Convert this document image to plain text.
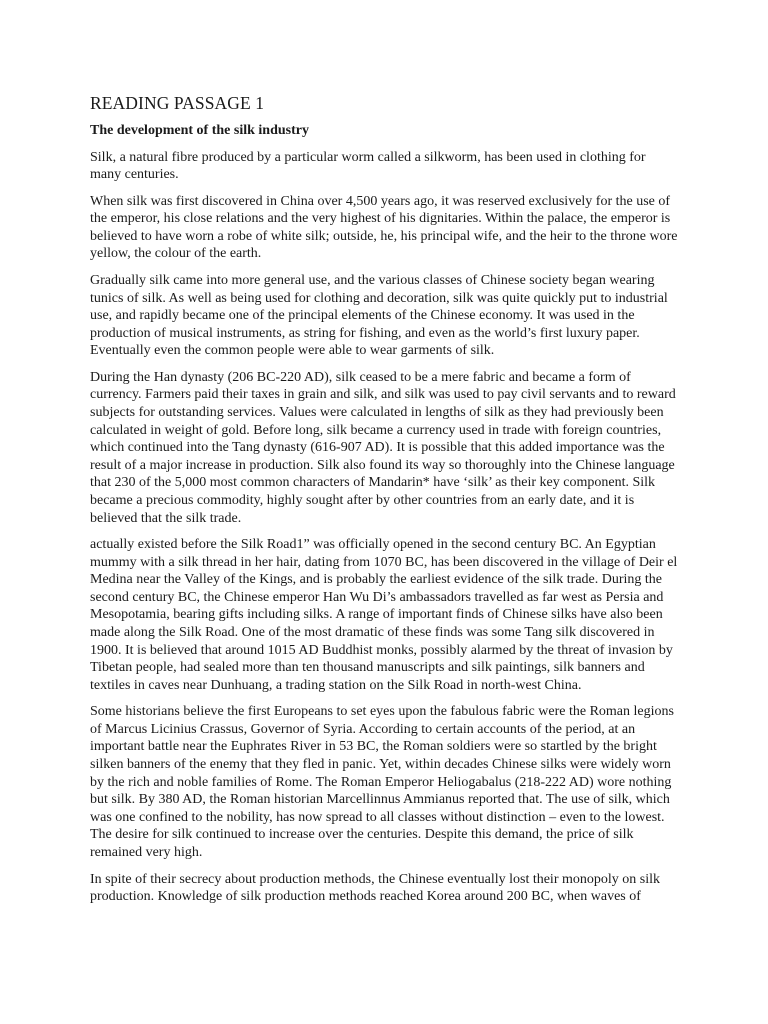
READING PASSAGE 1

The development of the silk industry

Silk, a natural fibre produced by a particular worm called a silkworm, has been used in clothing for many centuries.

When silk was first discovered in China over 4,500 years ago, it was reserved exclusively for the use of the emperor, his close relations and the very highest of his dignitaries. Within the palace, the emperor is believed to have worn a robe of white silk; outside, he, his principal wife, and the heir to the throne wore yellow, the colour of the earth.

Gradually silk came into more general use, and the various classes of Chinese society began wearing tunics of silk. As well as being used for clothing and decoration, silk was quite quickly put to industrial use, and rapidly became one of the principal elements of the Chinese economy. It was used in the production of musical instruments, as string for fishing, and even as the world’s first luxury paper. Eventually even the common people were able to wear garments of silk.

During the Han dynasty (206 BC-220 AD), silk ceased to be a mere fabric and became a form of currency. Farmers paid their taxes in grain and silk, and silk was used to pay civil servants and to reward subjects for outstanding services. Values were calculated in lengths of silk as they had previously been calculated in weight of gold. Before long, silk became a currency used in trade with foreign countries, which continued into the Tang dynasty (616-907 AD). It is possible that this added importance was the result of a major increase in production. Silk also found its way so thoroughly into the Chinese language that 230 of the 5,000 most common characters of Mandarin* have ‘silk’ as their key component. Silk became a precious commodity, highly sought after by other countries from an early date, and it is believed that the silk trade.

actually existed before the Silk Road1” was officially opened in the second century BC. An Egyptian mummy with a silk thread in her hair, dating from 1070 BC, has been discovered in the village of Deir el Medina near the Valley of the Kings, and is probably the earliest evidence of the silk trade. During the second century BC, the Chinese emperor Han Wu Di’s ambassadors travelled as far west as Persia and Mesopotamia, bearing gifts including silks. A range of important finds of Chinese silks have also been made along the Silk Road. One of the most dramatic of these finds was some Tang silk discovered in 1900. It is believed that around 1015 AD Buddhist monks, possibly alarmed by the threat of invasion by Tibetan people, had sealed more than ten thousand manuscripts and silk paintings, silk banners and textiles in caves near Dunhuang, a trading station on the Silk Road in north-west China.

Some historians believe the first Europeans to set eyes upon the fabulous fabric were the Roman legions of Marcus Licinius Crassus, Governor of Syria. According to certain accounts of the period, at an important battle near the Euphrates River in 53 BC, the Roman soldiers were so startled by the bright silken banners of the enemy that they fled in panic. Yet, within decades Chinese silks were widely worn by the rich and noble families of Rome. The Roman Emperor Heliogabalus (218-222 AD) wore nothing but silk. By 380 AD, the Roman historian Marcellinnus Ammianus reported that. The use of silk, which was one confined to the nobility, has now spread to all classes without distinction – even to the lowest. The desire for silk continued to increase over the centuries. Despite this demand, the price of silk remained very high.

In spite of their secrecy about production methods, the Chinese eventually lost their monopoly on silk production. Knowledge of silk production methods reached Korea around 200 BC, when waves of
